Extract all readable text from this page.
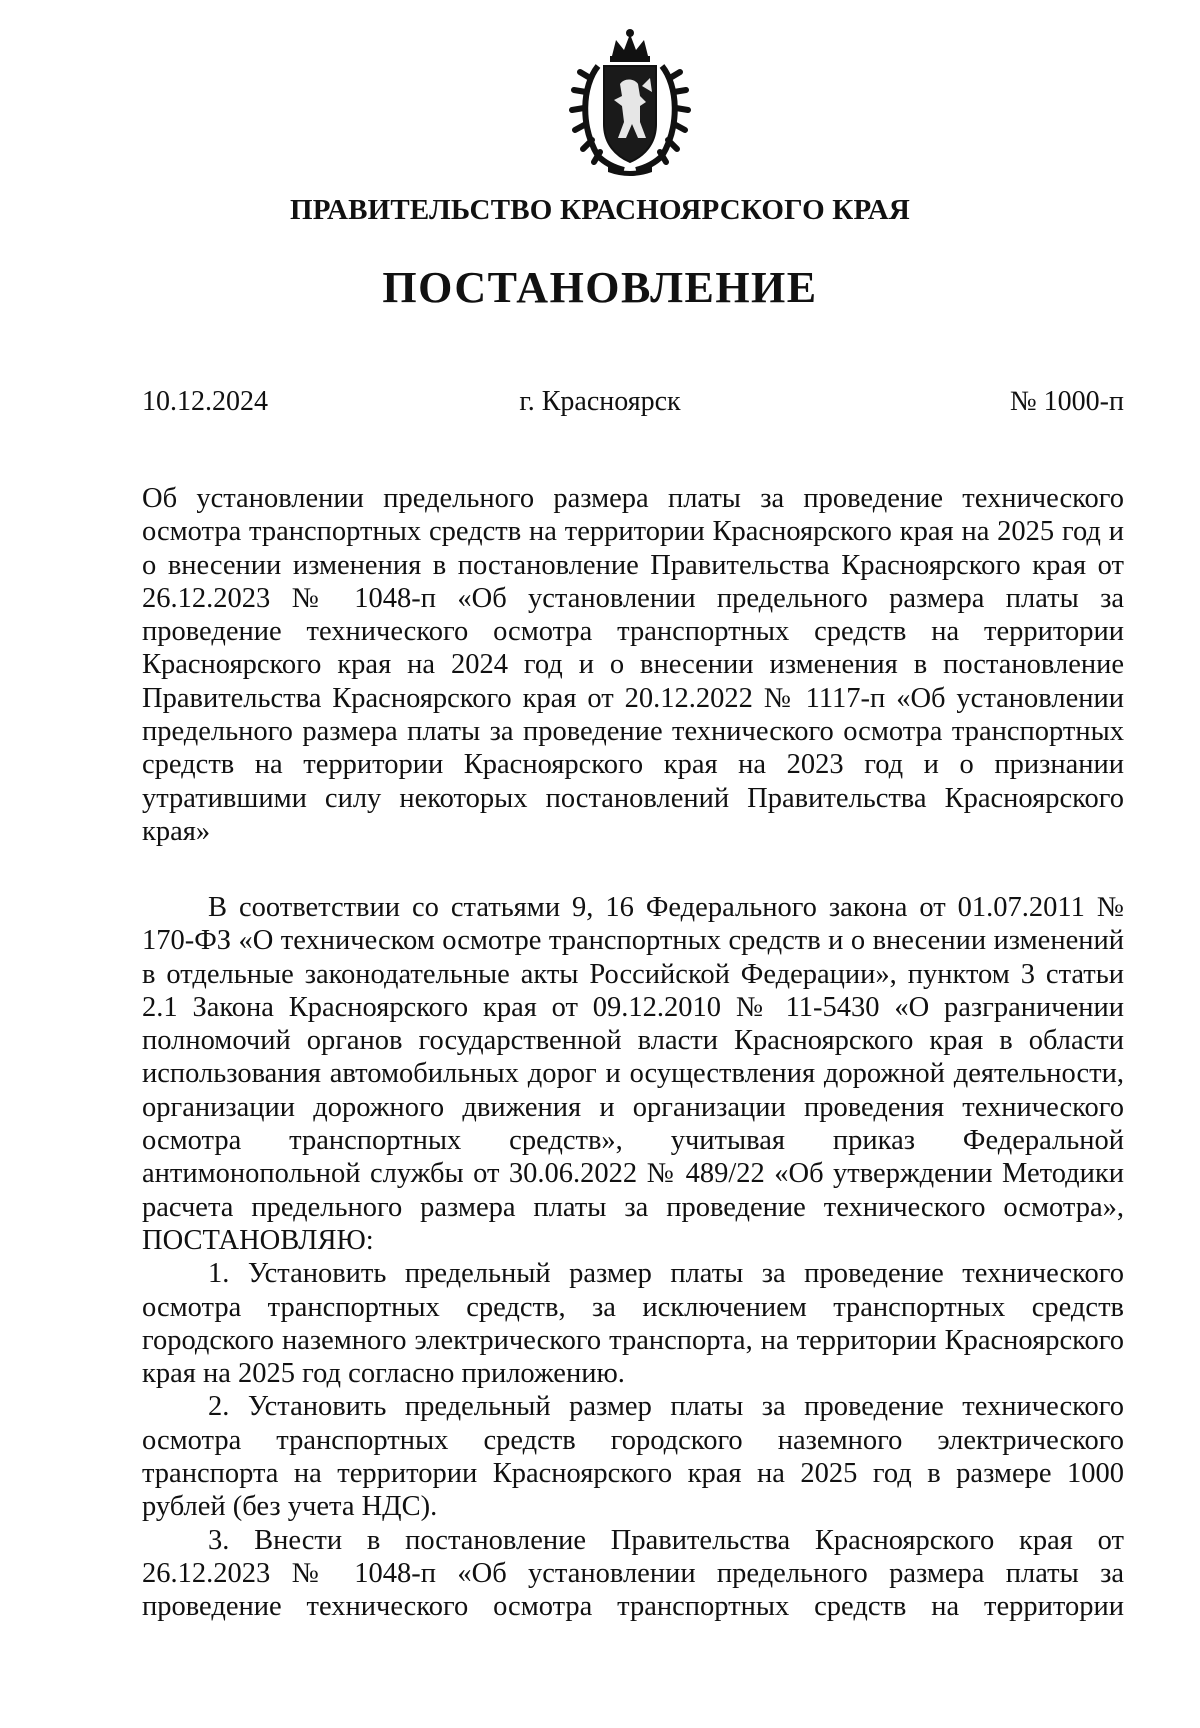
ПРАВИТЕЛЬСТВО КРАСНОЯРСКОГО КРАЯ
ПОСТАНОВЛЕНИЕ
10.12.2024	г. Красноярск	№ 1000-п

Об установлении предельного размера платы за проведение технического осмотра транспортных средств на территории Красноярского края на 2025 год и о внесении изменения в постановление Правительства Красноярского края от 26.12.2023 № 1048-п «Об установлении предельного размера платы за проведение технического осмотра транспортных средств на территории Красноярского края на 2024 год и о внесении изменения в постановление Правительства Красноярского края от 20.12.2022 № 1117-п «Об установлении предельного размера платы за проведение технического осмотра транспортных средств на территории Красноярского края на 2023 год и о признании утратившими силу некоторых постановлений Правительства Красноярского края»

В соответствии со статьями 9, 16 Федерального закона от 01.07.2011 № 170-ФЗ «О техническом осмотре транспортных средств и о внесении изменений в отдельные законодательные акты Российской Федерации», пунктом 3 статьи 2.1 Закона Красноярского края от 09.12.2010 № 11-5430 «О разграничении полномочий органов государственной власти Красноярского края в области использования автомобильных дорог и осуществления дорожной деятельности, организации дорожного движения и организации проведения технического осмотра транспортных средств», учитывая приказ Федеральной антимонопольной службы от 30.06.2022 № 489/22 «Об утверждении Методики расчета предельного размера платы за проведение технического осмотра», ПОСТАНОВЛЯЮ:

1. Установить предельный размер платы за проведение технического осмотра транспортных средств, за исключением транспортных средств городского наземного электрического транспорта, на территории Красноярского края на 2025 год согласно приложению.

2. Установить предельный размер платы за проведение технического осмотра транспортных средств городского наземного электрического транспорта на территории Красноярского края на 2025 год в размере 1000 рублей (без учета НДС).

3. Внести в постановление Правительства Красноярского края от 26.12.2023 № 1048-п «Об установлении предельного размера платы за проведение технического осмотра транспортных средств на территории
